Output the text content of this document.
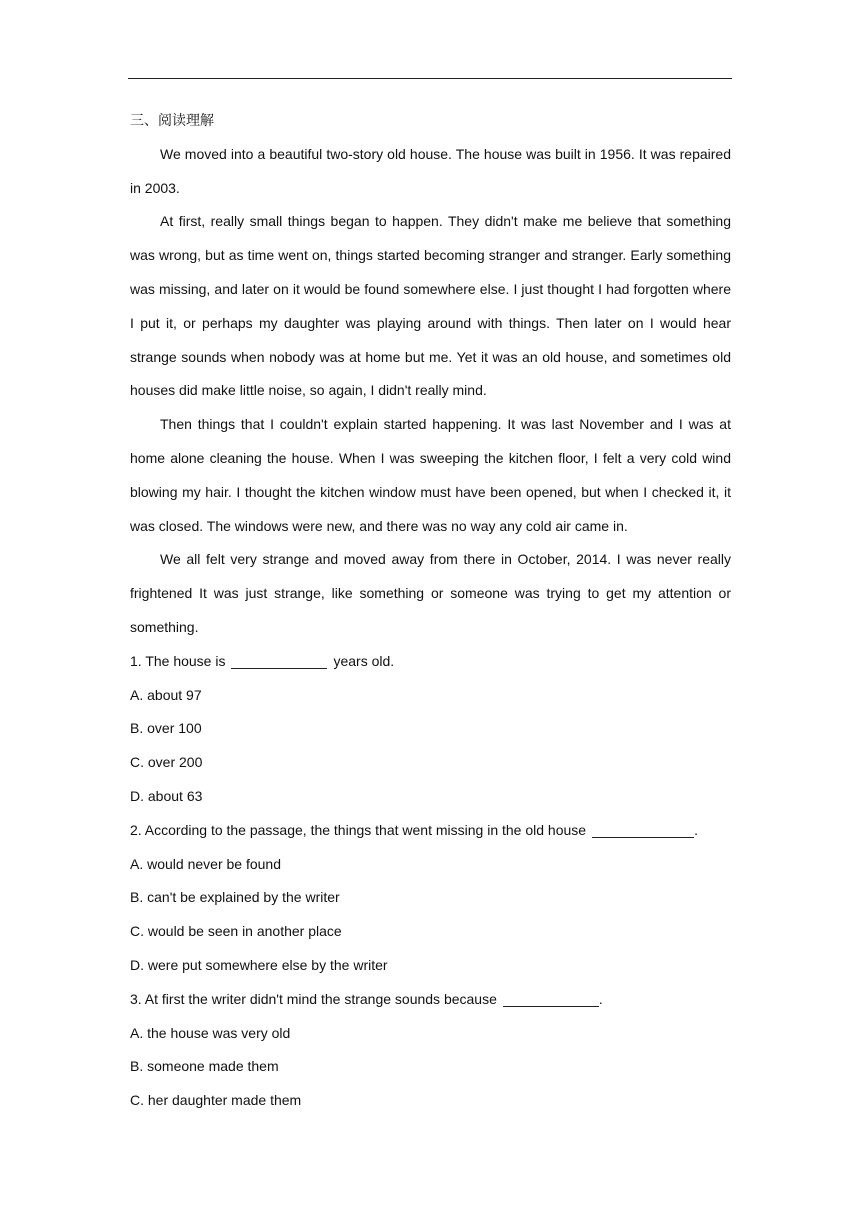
三、阅读理解

We moved into a beautiful two-story old house. The house was built in 1956. It was repaired in 2003.

At first, really small things began to happen. They didn't make me believe that something was wrong, but as time went on, things started becoming stranger and stranger. Early something was missing, and later on it would be found somewhere else. I just thought I had forgotten where I put it, or perhaps my daughter was playing around with things. Then later on I would hear strange sounds when nobody was at home but me. Yet it was an old house, and sometimes old houses did make little noise, so again, I didn't really mind.

Then things that I couldn't explain started happening. It was last November and I was at home alone cleaning the house. When I was sweeping the kitchen floor, I felt a very cold wind blowing my hair. I thought the kitchen window must have been opened, but when I checked it, it was closed. The windows were new, and there was no way any cold air came in.

We all felt very strange and moved away from there in October, 2014. I was never really frightened It was just strange, like something or someone was trying to get my attention or something.

1. The house is	years old.

A. about 97

B. over 100

C. over 200

D. about 63

2. According to the passage, the things that went missing in the old house	.

A. would never be found

B. can't be explained by the writer

C. would be seen in another place

D. were put somewhere else by the writer

3. At first the writer didn't mind the strange sounds because	.

A. the house was very old

B. someone made them

C. her daughter made them
